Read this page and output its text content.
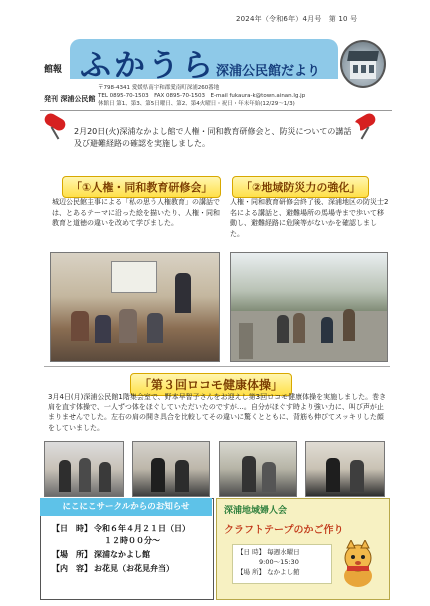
2024年（令和6年）4月号　第 10 号
館報 ふかうら 深浦公民館だより
発刊 深浦公民館
〒798-4341 愛媛県南宇和郡愛南町深浦260番地
TEL 0895-70-1503　FAX 0895-70-1503　E-mail fukaura-k@town.ainan.lg.jp
休館日 第1、第3、第5日曜日、第2、第4火曜日・祝日・年末年始(12/29～1/3)
2月20日(火)深浦なかよし館で人権・同和教育研修会と、防災についての講話及び避難経路の確認を実施しました。
「①人権・同和教育研修会」
城辺公民館主事による「私の思う人権教育」の講話では、とあるテーマに沿った絵を描いたり、人権・同和教育と道徳の違いを改めて学びました。
「②地域防災力の強化」
人権・同和教育研修会終了後、深浦地区の防災士2名による講話と、避難場所の馬場寺まで歩いて移動し、避難経路に危険等がないかを確認しました。
「第３回ロコモ健康体操」
3月4日(月)深浦公民館1階集会室で、野本早智子さんをお迎えし第3回ロコモ健康体操を実施しました。巻き肩を直す体操で、一人ずつ体をほぐしていただいたのですが…。自分がほぐす時より強い力に、叫び声が止まりませんでした。左右の肩の開き具合を比較してその違いに驚くとともに、背筋も伸びてスッキリした顔をしていました。
にこにこサークルからのお知らせ
【日　時】 令和６年４月２１日（日）
１２時００分～
【場　所】 深浦なかよし館
【内　容】 お花見（お花見弁当）
深浦地域婦人会
クラフトテープのかご作り
【日 時】 毎週水曜日
9:00～15:30
【場 所】 なかよし館
